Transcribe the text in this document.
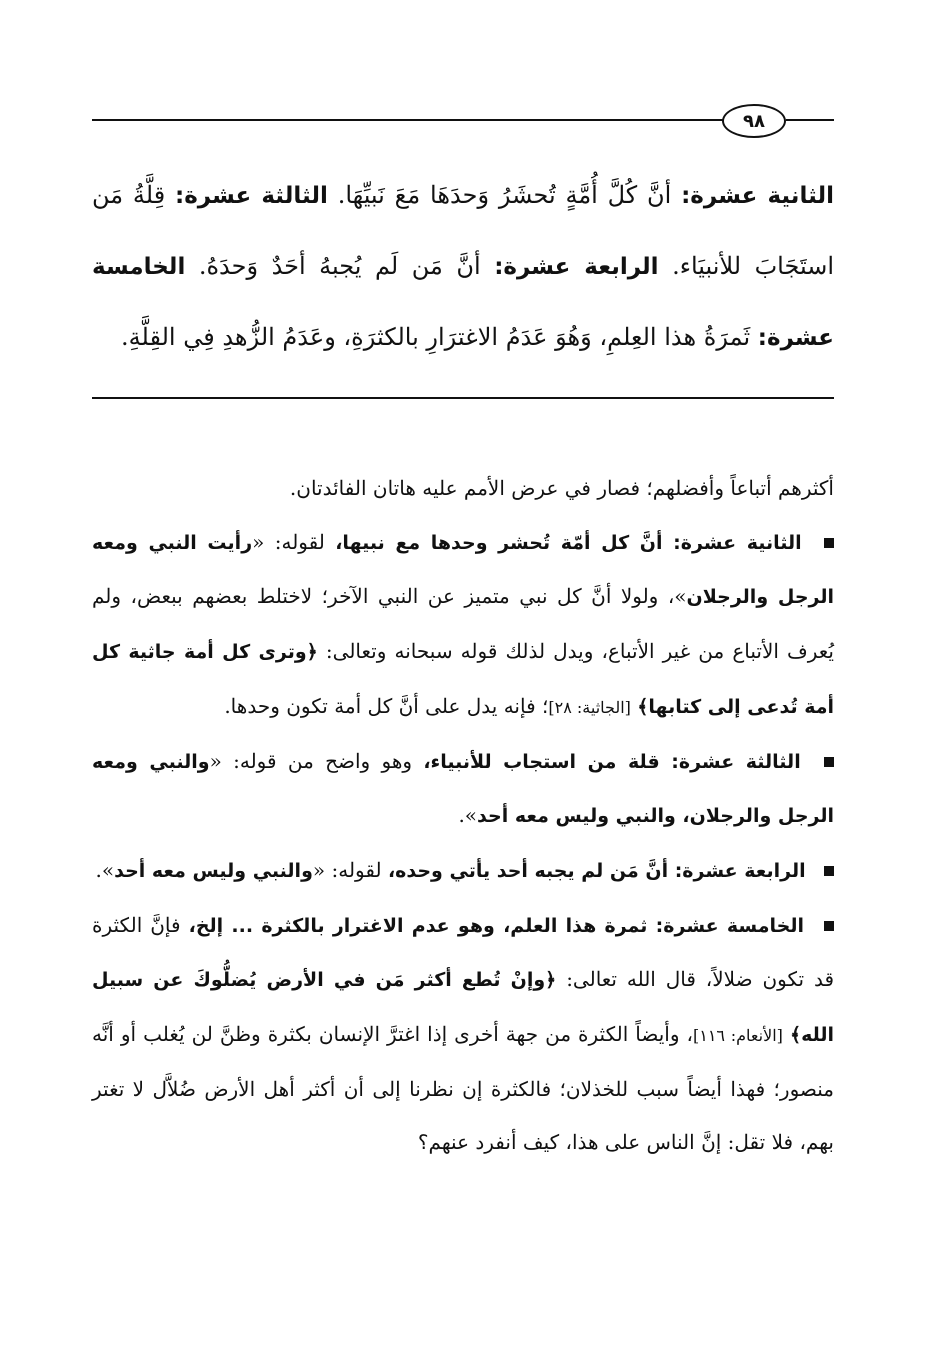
٩٨
الثانية عشرة: أنَّ كُلَّ أُمَّةٍ تُحشَرُ وَحدَهَا مَعَ نَبيِّهَا. الثالثة عشرة: قِلَّةُ مَن استَجَابَ للأنبيَاء. الرابعة عشرة: أنَّ مَن لَم يُجبهُ أحَدٌ وَحدَهُ. الخامسة عشرة: ثَمرَةُ هذا العِلمِ، وَهُوَ عَدَمُ الاغترَارِ بالكثرَةِ، وعَدَمُ الزُّهدِ فِي القِلَّةِ.

أكثرهم أتباعاً وأفضلهم؛ فصار في عرض الأمم عليه هاتان الفائدتان.

الثانية عشرة: أنَّ كل أمّة تُحشر وحدها مع نبيها، لقوله: «رأيت النبي ومعه الرجل والرجلان»، ولولا أنَّ كل نبي متميز عن النبي الآخر؛ لاختلط بعضهم ببعض، ولم يُعرف الأتباع من غير الأتباع، ويدل لذلك قوله سبحانه وتعالى: ﴿وترى كل أمة جاثية كل أمة تُدعى إلى كتابها﴾ [الجاثية: ٢٨]؛ فإنه يدل على أنَّ كل أمة تكون وحدها.

الثالثة عشرة: قلة من استجاب للأنبياء، وهو واضح من قوله: «والنبي ومعه الرجل والرجلان، والنبي وليس معه أحد».

الرابعة عشرة: أنَّ مَن لم يجبه أحد يأتي وحده، لقوله: «والنبي وليس معه أحد».

الخامسة عشرة: ثمرة هذا العلم، وهو عدم الاغترار بالكثرة ... إلخ، فإنَّ الكثرة قد تكون ضلالاً، قال الله تعالى: ﴿وإنْ تُطع أكثر مَن في الأرض يُضلُّوكَ عن سبيل الله﴾ [الأنعام: ١١٦]، وأيضاً الكثرة من جهة أخرى إذا اغترَّ الإنسان بكثرة وظنَّ لن يُغلب أو أنَّه منصور؛ فهذا أيضاً سبب للخذلان؛ فالكثرة إن نظرنا إلى أن أكثر أهل الأرض ضُلاَّل لا تغتر بهم، فلا تقل: إنَّ الناس على هذا، كيف أنفرد عنهم؟
